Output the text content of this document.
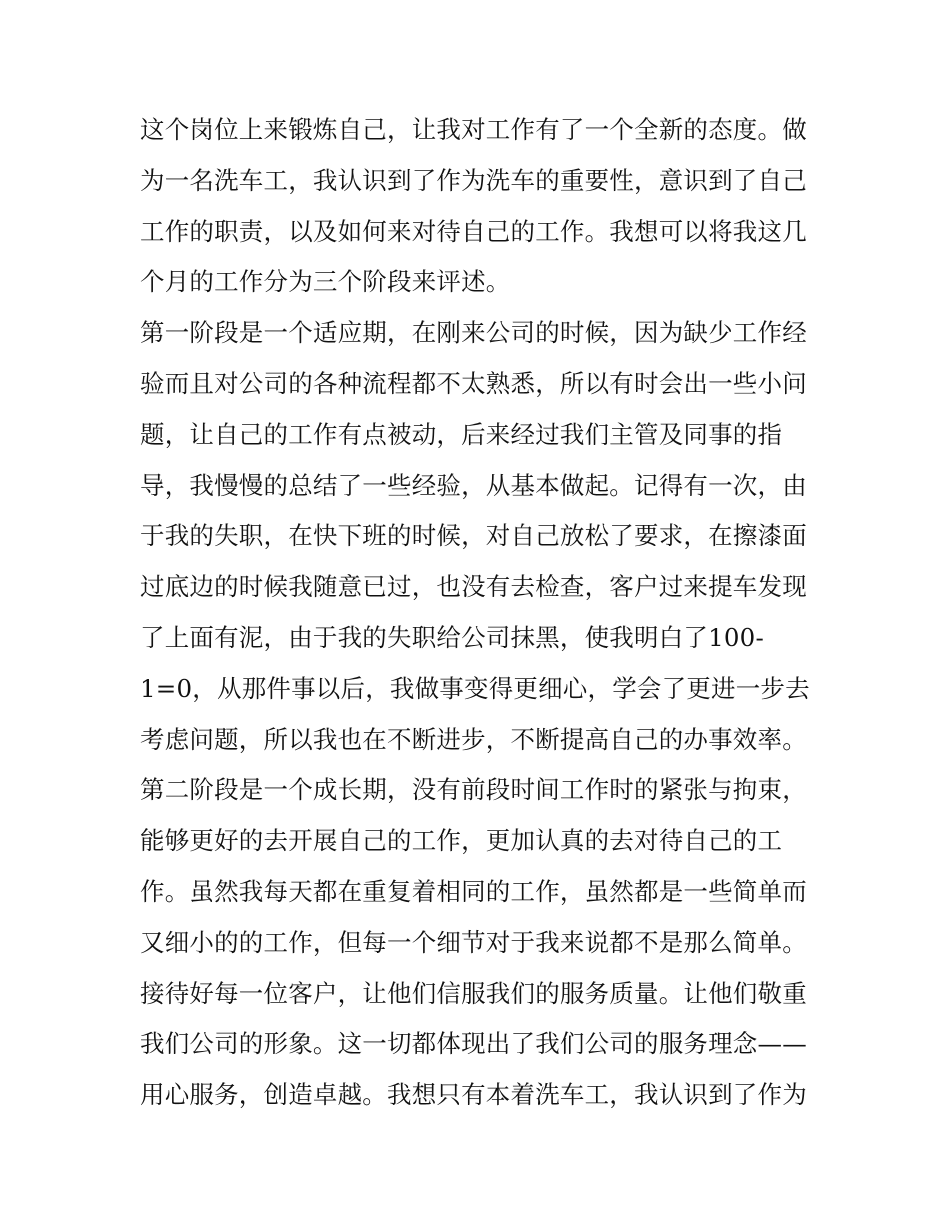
这个岗位上来锻炼自己，让我对工作有了一个全新的态度。做
为一名洗车工，我认识到了作为洗车的重要性，意识到了自己
工作的职责，以及如何来对待自己的工作。我想可以将我这几
个月的工作分为三个阶段来评述。
第一阶段是一个适应期，在刚来公司的时候，因为缺少工作经
验而且对公司的各种流程都不太熟悉，所以有时会出一些小问
题，让自己的工作有点被动，后来经过我们主管及同事的指
导，我慢慢的总结了一些经验，从基本做起。记得有一次，由
于我的失职，在快下班的时候，对自己放松了要求，在擦漆面
过底边的时候我随意已过，也没有去检查，客户过来提车发现
了上面有泥，由于我的失职给公司抹黑，使我明白了100-
1=0，从那件事以后，我做事变得更细心，学会了更进一步去
考虑问题，所以我也在不断进步，不断提高自己的办事效率。
第二阶段是一个成长期，没有前段时间工作时的紧张与拘束，
能够更好的去开展自己的工作，更加认真的去对待自己的工
作。虽然我每天都在重复着相同的工作，虽然都是一些简单而
又细小的的工作，但每一个细节对于我来说都不是那么简单。
接待好每一位客户，让他们信服我们的服务质量。让他们敬重
我们公司的形象。这一切都体现出了我们公司的服务理念——
用心服务，创造卓越。我想只有本着洗车工，我认识到了作为
